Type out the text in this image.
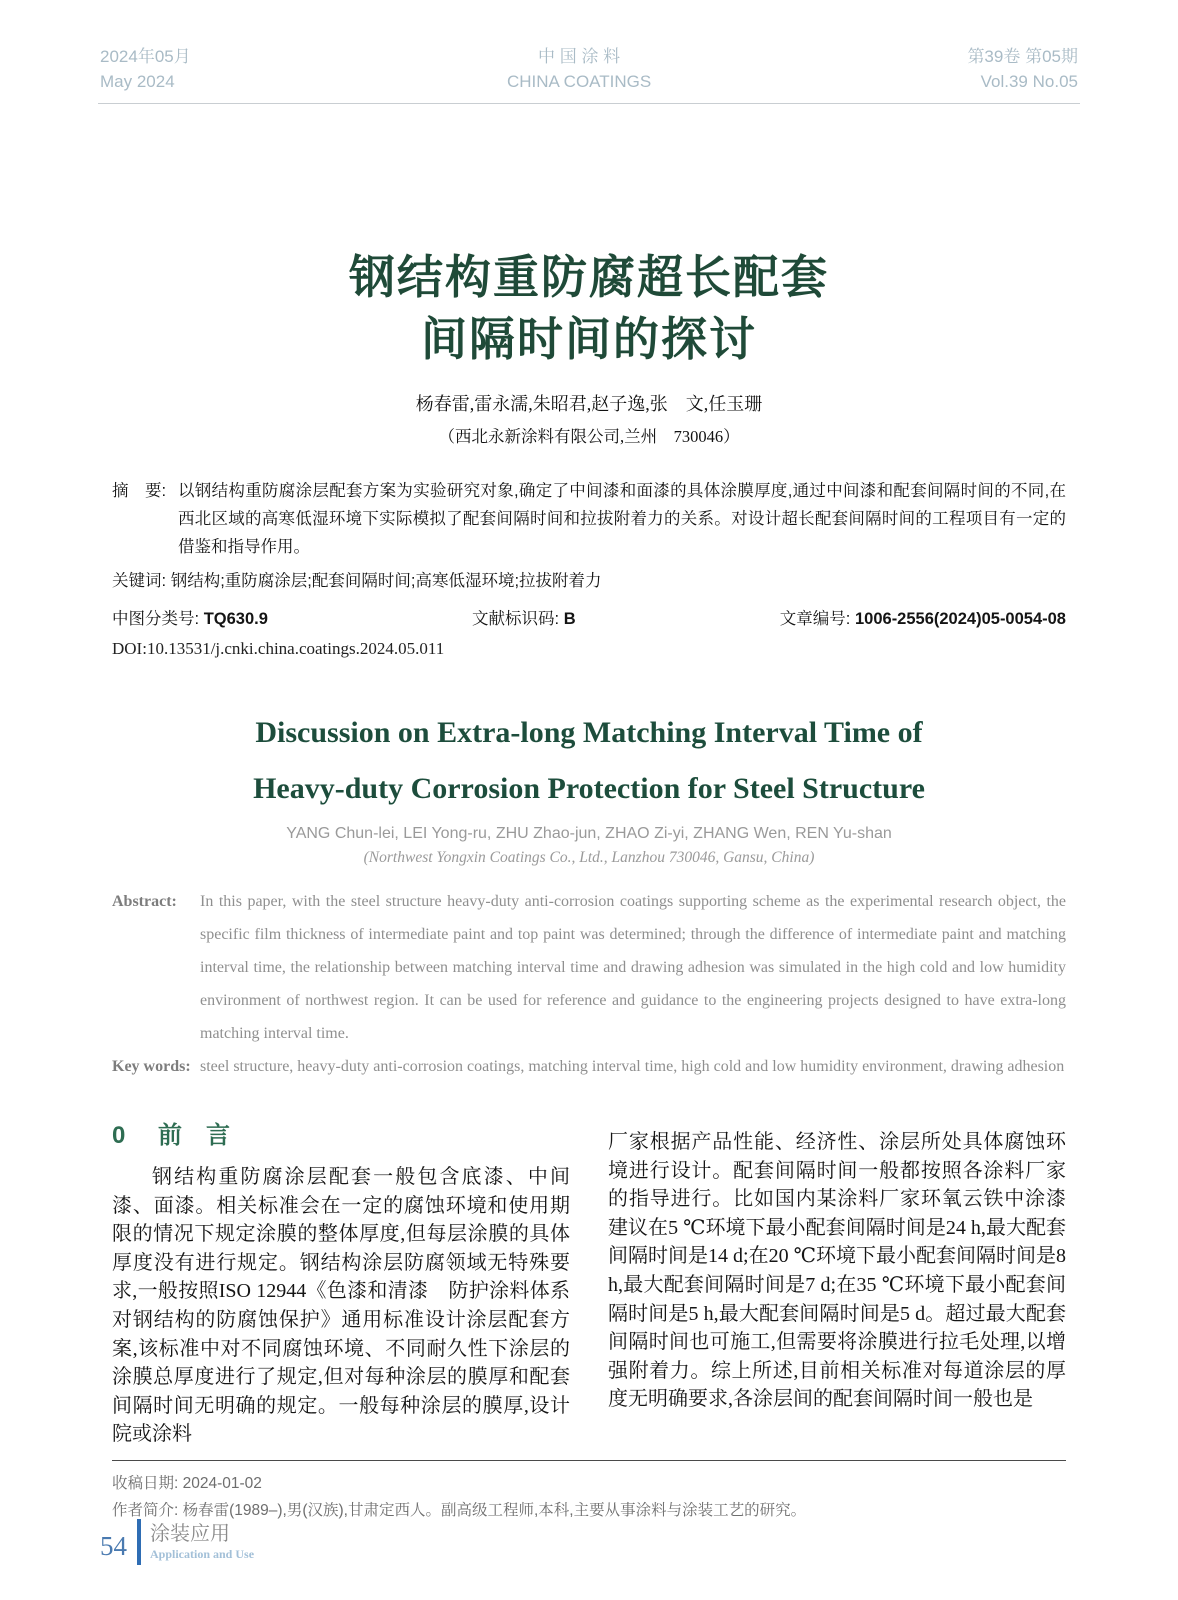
2024年05月
May 2024
中 国 涂 料
CHINA COATINGS
第39卷 第05期
Vol.39 No.05
钢结构重防腐超长配套
间隔时间的探讨
杨春雷,雷永濡,朱昭君,赵子逸,张　文,任玉珊
（西北永新涂料有限公司,兰州　730046）
摘　要: 以钢结构重防腐涂层配套方案为实验研究对象,确定了中间漆和面漆的具体涂膜厚度,通过中间漆和配套间隔时间的不同,在西北区域的高寒低湿环境下实际模拟了配套间隔时间和拉拔附着力的关系。对设计超长配套间隔时间的工程项目有一定的借鉴和指导作用。
关键词: 钢结构;重防腐涂层;配套间隔时间;高寒低湿环境;拉拔附着力
中图分类号: TQ630.9	文献标识码: B	文章编号: 1006-2556(2024)05-0054-08
DOI:10.13531/j.cnki.china.coatings.2024.05.011
Discussion on Extra-long Matching Interval Time of
Heavy-duty Corrosion Protection for Steel Structure
YANG Chun-lei, LEI Yong-ru, ZHU Zhao-jun, ZHAO Zi-yi, ZHANG Wen, REN Yu-shan
(Northwest Yongxin Coatings Co., Ltd., Lanzhou 730046, Gansu, China)
Abstract:	In this paper, with the steel structure heavy-duty anti-corrosion coatings supporting scheme as the experimental research object, the specific film thickness of intermediate paint and top paint was determined; through the difference of intermediate paint and matching interval time, the relationship between matching interval time and drawing adhesion was simulated in the high cold and low humidity environment of northwest region. It can be used for reference and guidance to the engineering projects designed to have extra-long matching interval time.
Key words: steel structure, heavy-duty anti-corrosion coatings, matching interval time, high cold and low humidity environment, drawing adhesion
0 前　言

钢结构重防腐涂层配套一般包含底漆、中间漆、面漆。相关标准会在一定的腐蚀环境和使用期限的情况下规定涂膜的整体厚度,但每层涂膜的具体厚度没有进行规定。钢结构涂层防腐领域无特殊要求,一般按照ISO 12944《色漆和清漆　防护涂料体系对钢结构的防腐蚀保护》通用标准设计涂层配套方案,该标准中对不同腐蚀环境、不同耐久性下涂层的涂膜总厚度进行了规定,但对每种涂层的膜厚和配套间隔时间无明确的规定。一般每种涂层的膜厚,设计院或涂料

厂家根据产品性能、经济性、涂层所处具体腐蚀环境进行设计。配套间隔时间一般都按照各涂料厂家的指导进行。比如国内某涂料厂家环氧云铁中涂漆建议在5 ℃环境下最小配套间隔时间是24 h,最大配套间隔时间是14 d;在20 ℃环境下最小配套间隔时间是8 h,最大配套间隔时间是7 d;在35 ℃环境下最小配套间隔时间是5 h,最大配套间隔时间是5 d。超过最大配套间隔时间也可施工,但需要将涂膜进行拉毛处理,以增强附着力。综上所述,目前相关标准对每道涂层的厚度无明确要求,各涂层间的配套间隔时间一般也是

收稿日期: 2024-01-02
作者简介: 杨春雷(1989–),男(汉族),甘肃定西人。副高级工程师,本科,主要从事涂料与涂装工艺的研究。
54 涂装应用
Application and Use
